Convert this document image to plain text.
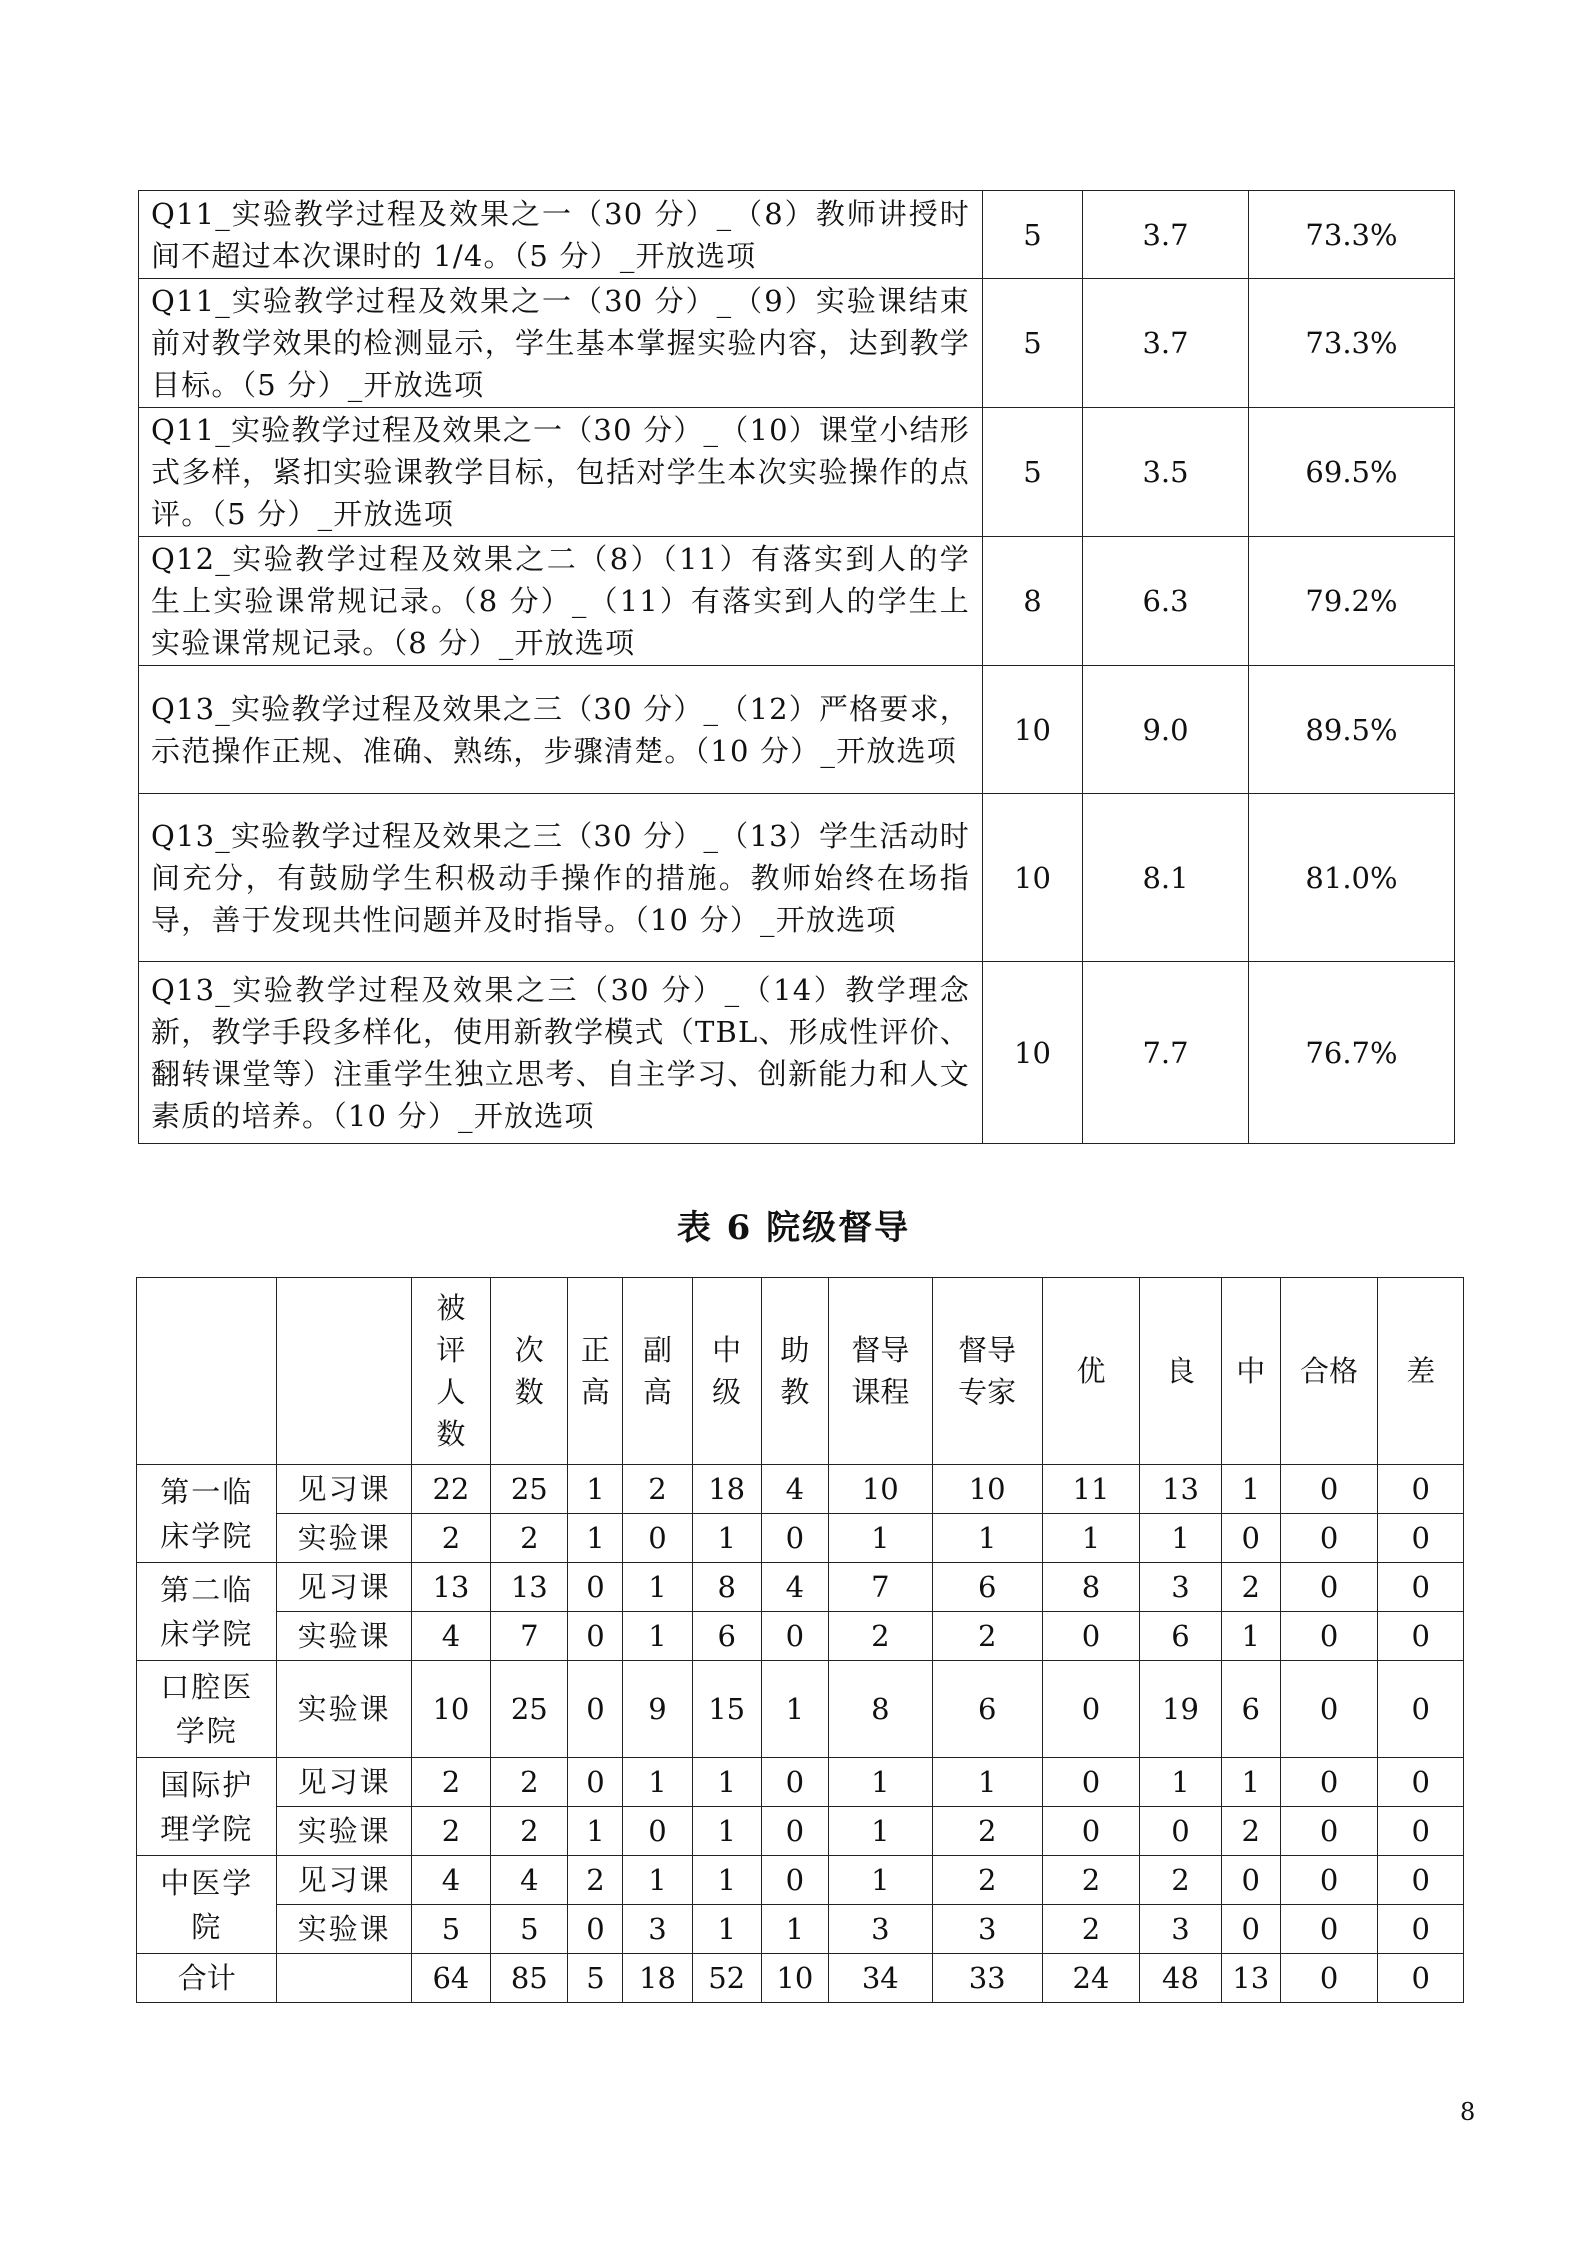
Q11_实验教学过程及效果之一（30 分）_（8）教师讲授时间不超过本次课时的 1/4。（5 分）_开放选项	5	3.7	73.3%
Q11_实验教学过程及效果之一（30 分）_（9）实验课结束前对教学效果的检测显示，学生基本掌握实验内容，达到教学目标。（5 分）_开放选项	5	3.7	73.3%
Q11_实验教学过程及效果之一（30 分）_（10）课堂小结形式多样，紧扣实验课教学目标，包括对学生本次实验操作的点评。（5 分）_开放选项	5	3.5	69.5%
Q12_实验教学过程及效果之二（8）（11）有落实到人的学生上实验课常规记录。（8 分）_（11）有落实到人的学生上实验课常规记录。（8 分）_开放选项	8	6.3	79.2%
Q13_实验教学过程及效果之三（30 分）_（12）严格要求，示范操作正规、准确、熟练，步骤清楚。（10 分）_开放选项	10	9.0	89.5%
Q13_实验教学过程及效果之三（30 分）_（13）学生活动时间充分，有鼓励学生积极动手操作的措施。教师始终在场指导，善于发现共性问题并及时指导。（10 分）_开放选项	10	8.1	81.0%
Q13_实验教学过程及效果之三（30 分）_（14）教学理念新，教学手段多样化，使用新教学模式（TBL、形成性评价、翻转课堂等）注重学生独立思考、自主学习、创新能力和人文素质的培养。（10 分）_开放选项	10	7.7	76.7%
表 6 院级督导
		被评人数	次数	正高	副高	中级	助教	督导课程	督导专家	优	良	中	合格	差
第一临床学院	见习课	22	25	1	2	18	4	10	10	11	13	1	0	0
	实验课	2	2	1	0	1	0	1	1	1	1	0	0	0
第二临床学院	见习课	13	13	0	1	8	4	7	6	8	3	2	0	0
	实验课	4	7	0	1	6	0	2	2	0	6	1	0	0
口腔医学院	实验课	10	25	0	9	15	1	8	6	0	19	6	0	0
国际护理学院	见习课	2	2	0	1	1	0	1	1	0	1	1	0	0
	实验课	2	2	1	0	1	0	1	2	0	0	2	0	0
中医学院	见习课	4	4	2	1	1	0	1	2	2	2	0	0	0
	实验课	5	5	0	3	1	1	3	3	2	3	0	0	0
合计		64	85	5	18	52	10	34	33	24	48	13	0	0
8
